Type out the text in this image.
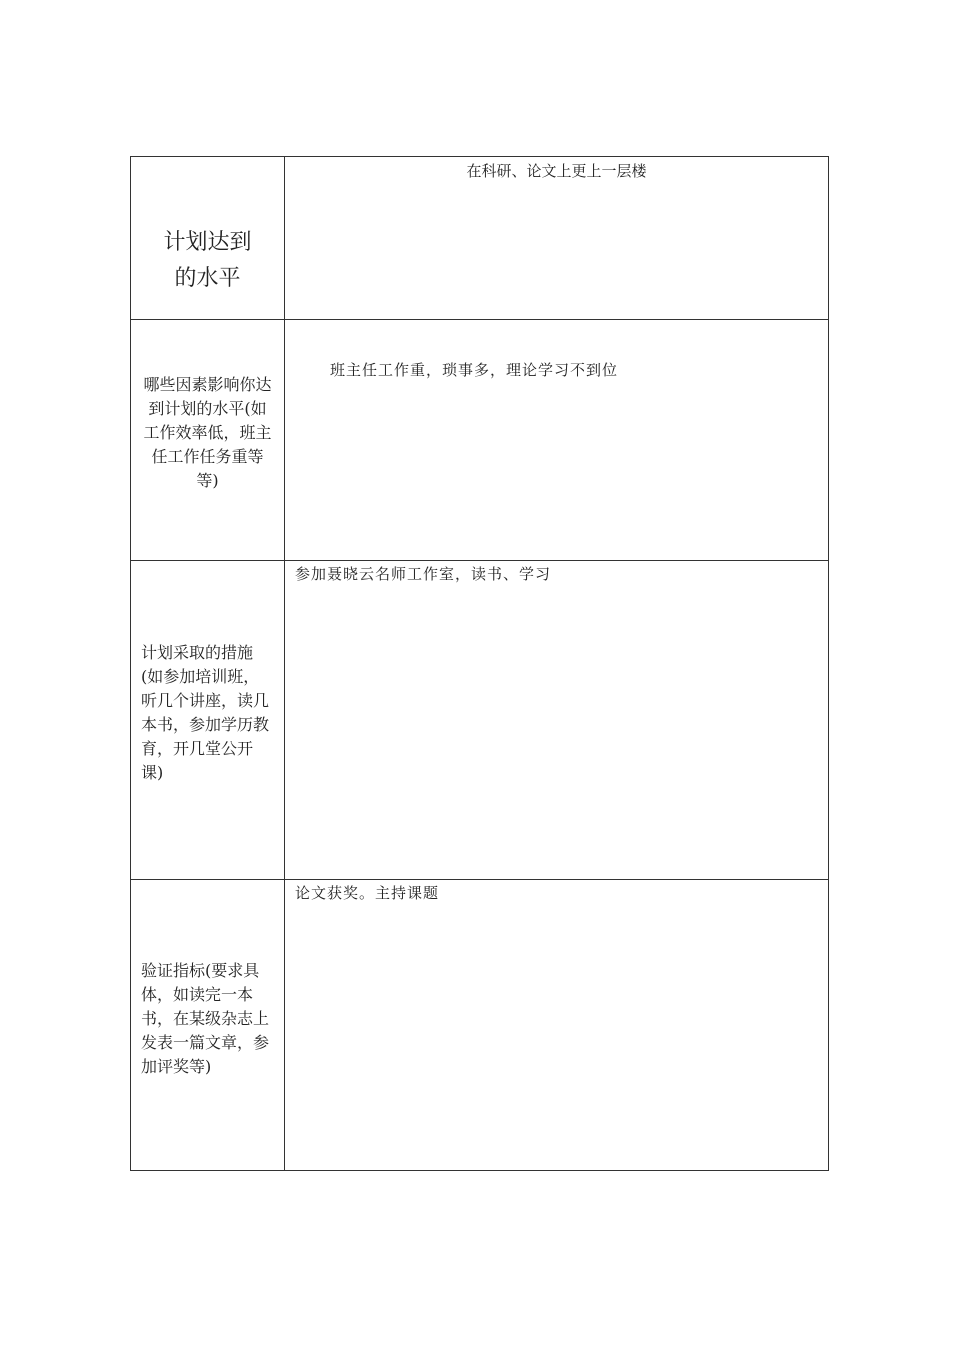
计划达到
的水平
在科研、论文上更上一层楼
哪些因素影响你达
到计划的水平(如
工作效率低，班主
任工作任务重等
等)
班主任工作重，琐事多，理论学习不到位
计划采取的措施
(如参加培训班，
听几个讲座，读几
本书，参加学历教
育，开几堂公开
课)
参加聂晓云名师工作室，读书、学习
验证指标(要求具
体，如读完一本
书，在某级杂志上
发表一篇文章，参
加评奖等)
论文获奖。主持课题
